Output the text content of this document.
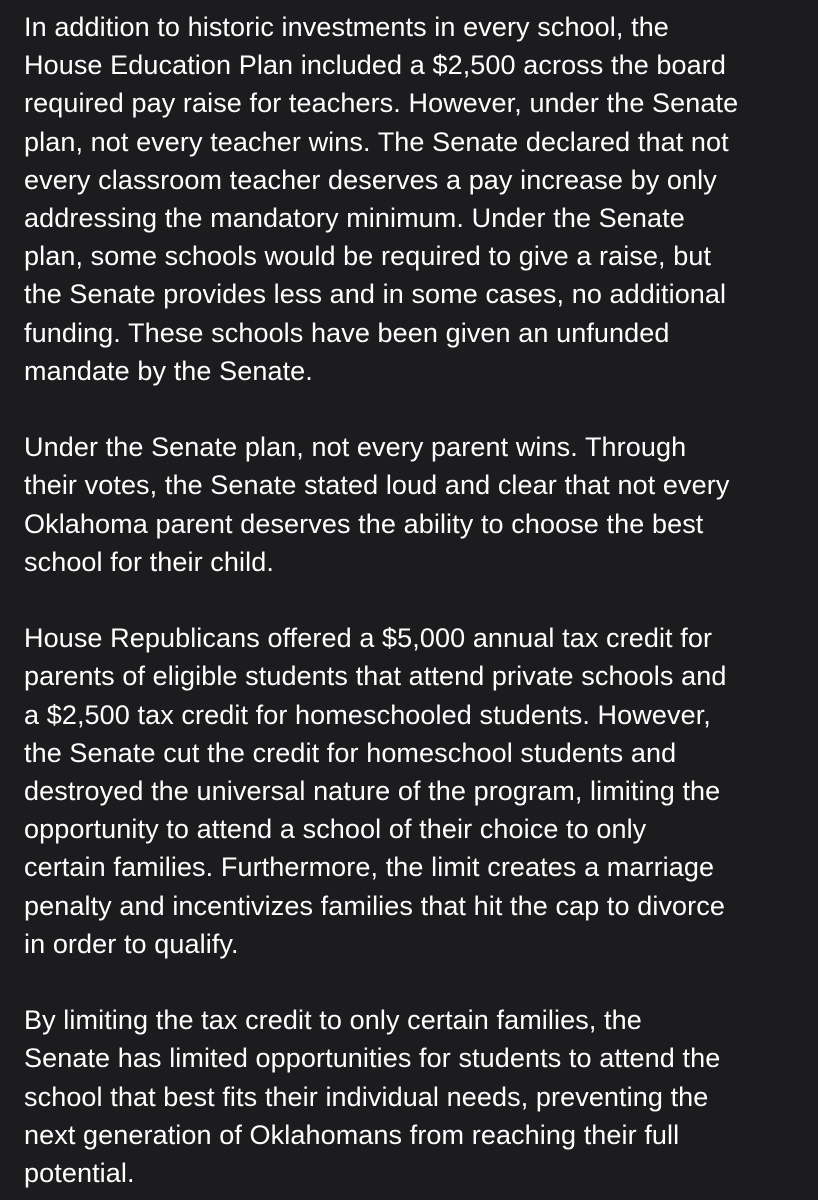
In addition to historic investments in every school, the
House Education Plan included a $2,500 across the board
required pay raise for teachers. However, under the Senate
plan, not every teacher wins. The Senate declared that not
every classroom teacher deserves a pay increase by only
addressing the mandatory minimum. Under the Senate
plan, some schools would be required to give a raise, but
the Senate provides less and in some cases, no additional
funding. These schools have been given an unfunded
mandate by the Senate.

Under the Senate plan, not every parent wins. Through
their votes, the Senate stated loud and clear that not every
Oklahoma parent deserves the ability to choose the best
school for their child.

House Republicans offered a $5,000 annual tax credit for
parents of eligible students that attend private schools and
a $2,500 tax credit for homeschooled students. However,
the Senate cut the credit for homeschool students and
destroyed the universal nature of the program, limiting the
opportunity to attend a school of their choice to only
certain families. Furthermore, the limit creates a marriage
penalty and incentivizes families that hit the cap to divorce
in order to qualify.

By limiting the tax credit to only certain families, the
Senate has limited opportunities for students to attend the
school that best fits their individual needs, preventing the
next generation of Oklahomans from reaching their full
potential.
